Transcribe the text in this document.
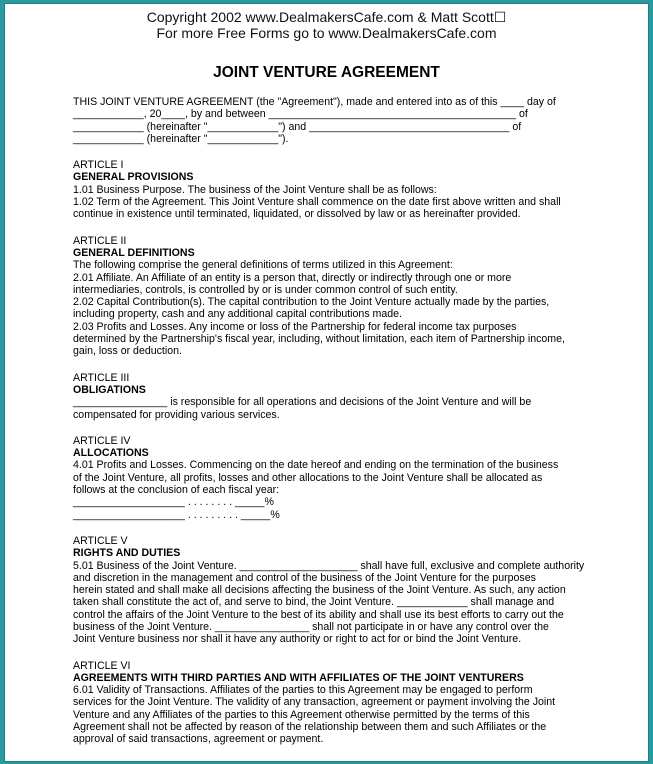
Copyright 2002 www.DealmakersCafe.com & Matt Scott☐
For more Free Forms go to www.DealmakersCafe.com
JOINT VENTURE AGREEMENT
THIS JOINT VENTURE AGREEMENT (the "Agreement"), made and entered into as of this ____ day of
____________, 20____, by and between __________________________________________ of
____________ (hereinafter "____________") and __________________________________ of
____________ (hereinafter "____________").
ARTICLE I
GENERAL PROVISIONS
1.01 Business Purpose. The business of the Joint Venture shall be as follows:
1.02 Term of the Agreement. This Joint Venture shall commence on the date first above written and shall
continue in existence until terminated, liquidated, or dissolved by law or as hereinafter provided.
ARTICLE II
GENERAL DEFINITIONS
The following comprise the general definitions of terms utilized in this Agreement:
2.01 Affiliate. An Affiliate of an entity is a person that, directly or indirectly through one or more
intermediaries, controls, is controlled by or is under common control of such entity.
2.02 Capital Contribution(s). The capital contribution to the Joint Venture actually made by the parties,
including property, cash and any additional capital contributions made.
2.03 Profits and Losses. Any income or loss of the Partnership for federal income tax purposes
determined by the Partnership's fiscal year, including, without limitation, each item of Partnership income,
gain, loss or deduction.
ARTICLE III
OBLIGATIONS
________________ is responsible for all operations and decisions of the Joint Venture and will be
compensated for providing various services.
ARTICLE IV
ALLOCATIONS
4.01 Profits and Losses. Commencing on the date hereof and ending on the termination of the business
of the Joint Venture, all profits, losses and other allocations to the Joint Venture shall be allocated as
follows at the conclusion of each fiscal year:
___________________ . . . . . . . . _____%
___________________ . . . . . . . . . _____%
ARTICLE V
RIGHTS AND DUTIES
5.01 Business of the Joint Venture. ____________________ shall have full, exclusive and complete authority
and discretion in the management and control of the business of the Joint Venture for the purposes
herein stated and shall make all decisions affecting the business of the Joint Venture. As such, any action
taken shall constitute the act of, and serve to bind, the Joint Venture. ____________ shall manage and
control the affairs of the Joint Venture to the best of its ability and shall use its best efforts to carry out the
business of the Joint Venture. ________________ shall not participate in or have any control over the
Joint Venture business nor shall it have any authority or right to act for or bind the Joint Venture.
ARTICLE VI
AGREEMENTS WITH THIRD PARTIES AND WITH AFFILIATES OF THE JOINT VENTURERS
6.01 Validity of Transactions. Affiliates of the parties to this Agreement may be engaged to perform
services for the Joint Venture. The validity of any transaction, agreement or payment involving the Joint
Venture and any Affiliates of the parties to this Agreement otherwise permitted by the terms of this
Agreement shall not be affected by reason of the relationship between them and such Affiliates or the
approval of said transactions, agreement or payment.
